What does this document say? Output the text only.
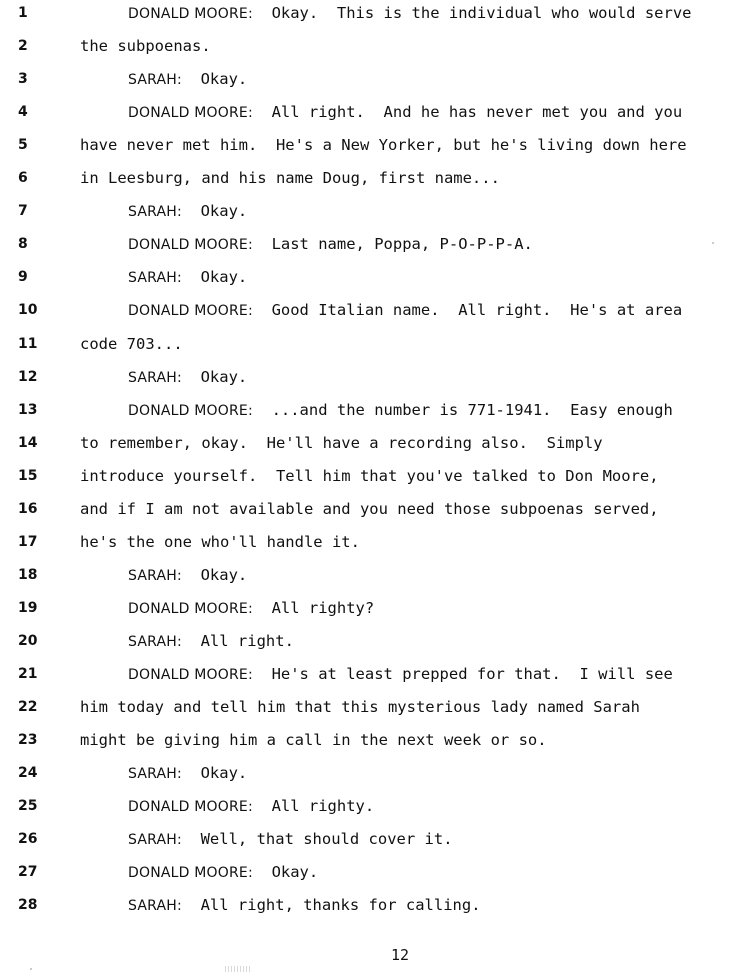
1	DONALD MOORE: Okay.  This is the individual who would serve
2	the subpoenas.
3	SARAH: Okay.
4	DONALD MOORE: All right.  And he has never met you and you
5	have never met him.  He's a New Yorker, but he's living down here
6	in Leesburg, and his name Doug, first name...
7	SARAH: Okay.
8	DONALD MOORE: Last name, Poppa, P-O-P-P-A.
9	SARAH: Okay.
10	DONALD MOORE: Good Italian name.  All right.  He's at area
11	code 703...
12	SARAH: Okay.
13	DONALD MOORE: ...and the number is 771-1941.  Easy enough
14	to remember, okay.  He'll have a recording also.  Simply
15	introduce yourself.  Tell him that you've talked to Don Moore,
16	and if I am not available and you need those subpoenas served,
17	he's the one who'll handle it.
18	SARAH: Okay.
19	DONALD MOORE: All righty?
20	SARAH: All right.
21	DONALD MOORE: He's at least prepped for that.  I will see
22	him today and tell him that this mysterious lady named Sarah
23	might be giving him a call in the next week or so.
24	SARAH: Okay.
25	DONALD MOORE: All righty.
26	SARAH: Well, that should cover it.
27	DONALD MOORE: Okay.
28	SARAH: All right, thanks for calling.
12
